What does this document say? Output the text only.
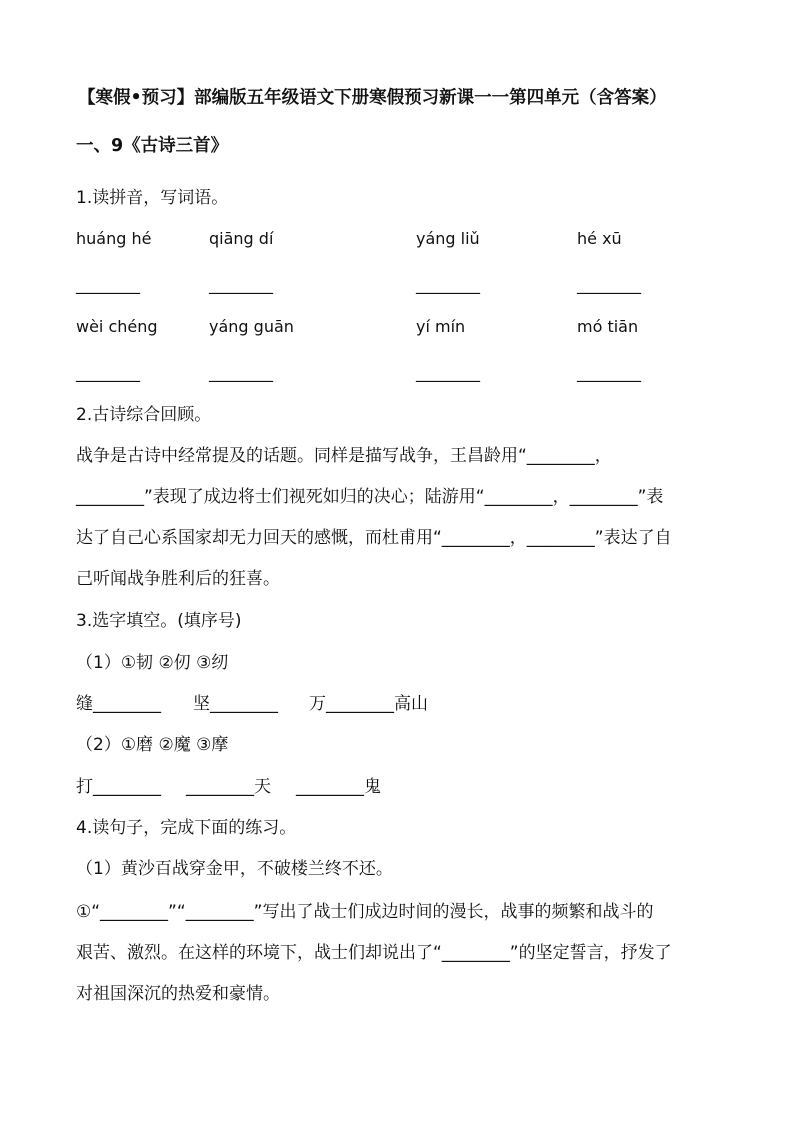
【寒假•预习】部编版五年级语文下册寒假预习新课一一第四单元（含答案）
一、9《古诗三首》
1.读拼音，写词语。
huáng hé	qiāng dí	yáng liǔ	hé xū
________	________	________	________
wèi chéng	yáng guān	yí mín	mó tiān
________	________	________	________
2.古诗综合回顾。
战争是古诗中经常提及的话题。同样是描写战争，王昌龄用“________，
________”表现了成边将士们视死如归的决心；陆游用“________，________”表
达了自己心系国家却无力回天的感慨，而杜甫用“________，________”表达了自
己听闻战争胜利后的狂喜。
3.选字填空。(填序号)
（1）①韧 ②仞 ③纫
缝________ 坚________ 万________高山
（2）①磨 ②魔 ③摩
打________ ________天 ________鬼
4.读句子，完成下面的练习。
（1）黄沙百战穿金甲，不破楼兰终不还。
①“________”“________”写出了战士们成边时间的漫长，战事的频繁和战斗的
艰苦、激烈。在这样的环境下，战士们却说出了“________”的坚定誓言，抒发了
对祖国深沉的热爱和豪情。
